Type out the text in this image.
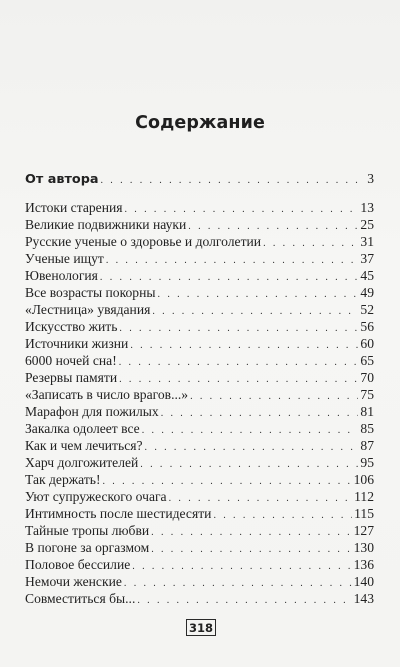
Содержание
От автора . . .	3
Истоки старения . . .	13
Великие подвижники науки . . .	25
Русские ученые о здоровье и долголетии . . .	31
Ученые ищут . . .	37
Ювенология . . .	45
Все возрасты покорны . . .	49
«Лестница» увядания . . .	52
Искусство жить . . .	56
Источники жизни . . .	60
6000 ночей сна! . . .	65
Резервы памяти . . .	70
«Записать в число врагов...» . . .	75
Марафон для пожилых . . .	81
Закалка одолеет все . . .	85
Как и чем лечиться? . . .	87
Харч долгожителей . . .	95
Так держать! . . .	106
Уют супружеского очага . . .	112
Интимность после шестидесяти . . .	115
Тайные тропы любви . . .	127
В погоне за оргазмом . . .	130
Половое бессилие . . .	136
Немочи женские . . .	140
Совместиться бы... . . .	143
318
